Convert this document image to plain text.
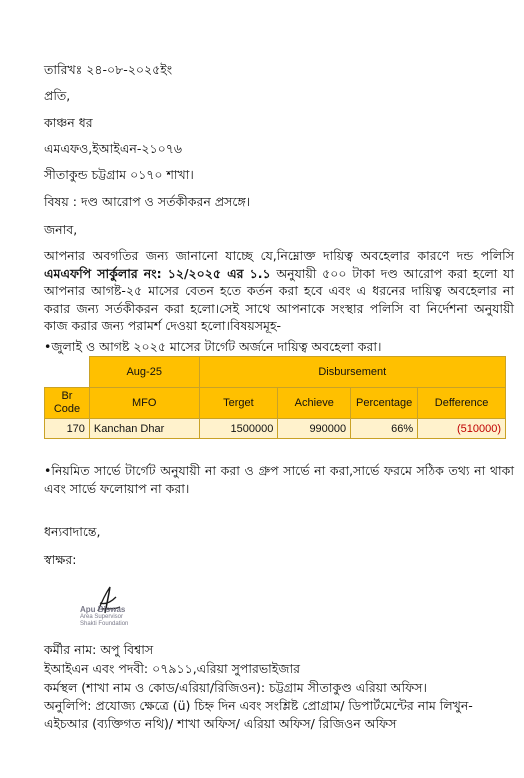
তারিখঃ ২৪-০৮-২০২৫ইং
প্রতি,
কাঞ্চন ধর
এমএফও,ইআইএন-২১০৭৬
সীতাকুন্ড চট্টগ্রাম ০১৭০ শাখা।
বিষয় : দণ্ড আরোপ ও সর্তকীকরন প্রসঙ্গে।
জনাব,
আপনার অবগতির জন্য জানানো যাচ্ছে যে,নিম্নোক্ত দায়িত্ব অবহেলার কারণে দন্ড পলিসি এমএফপি সার্কুলার নং: ১২/২০২৫ এর ১.১ অনুযায়ী ৫০০ টাকা দণ্ড আরোপ করা হলো যা আপনার আগষ্ট-২৫ মাসের বেতন হতে কর্তন করা হবে এবং এ ধরনের দায়িত্ব অবহেলার না করার জন্য সর্তকীকরন করা হলো।সেই সাথে আপনাকে সংস্থার পলিসি বা নির্দেশনা অনুযায়ী কাজ করার জন্য পরামর্শ দেওয়া হলো।বিষয়সমূহ-
•জুলাই ও আগষ্ট ২০২৫ মাসের টার্গেট অর্জনে দায়িত্ব অবহেলা করা।
	Aug-25	Disbursement			
Br Code	MFO	Terget	Achieve	Percentage	Defference
170	Kanchan Dhar	1500000	990000	66%	(510000)
•নিয়মিত সার্ভে টার্গেট অনুযায়ী না করা ও গ্রুপ সার্ভে না করা,সার্ভে ফরমে সঠিক তথ্য না থাকা এবং সার্ভে ফলোয়াপ না করা।
ধন্যবাদান্তে,
স্বাক্ষর:
Apu Biswas
Area Supervisor
Shakti Foundation
কর্মীর নাম: অপু বিশ্বাস
ইআইএন এবং পদবী: ০৭৯১১,এরিয়া সুপারভাইজার
কর্মস্থল (শাখা নাম ও কোড/এরিয়া/রিজিওন): চট্টগ্রাম সীতাকুণ্ড এরিয়া অফিস।
অনুলিপি: প্রযোজ্য ক্ষেত্রে (ü) চিহ্ন দিন এবং সংশ্লিষ্ট প্রোগ্রাম/ ডিপার্টমেন্টের নাম লিখুন-
এইচআর (ব্যক্তিগত নথি)/ শাখা অফিস/ এরিয়া অফিস/ রিজিওন অফিস
